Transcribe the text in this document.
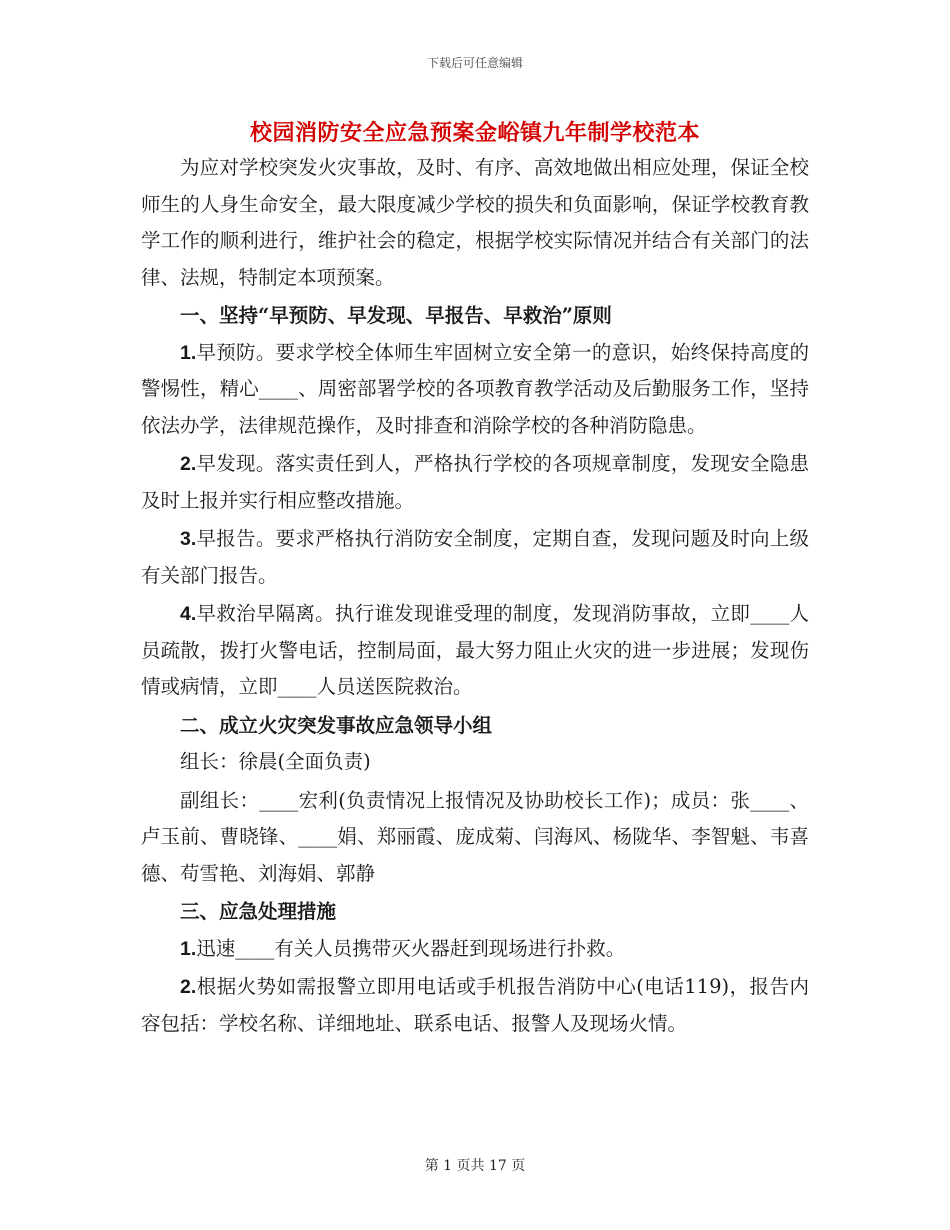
下载后可任意编辑
校园消防安全应急预案金峪镇九年制学校范本

为应对学校突发火灾事故，及时、有序、高效地做出相应处理，保证全校师生的人身生命安全，最大限度减少学校的损失和负面影响，保证学校教育教学工作的顺利进行，维护社会的稳定，根据学校实际情况并结合有关部门的法律、法规，特制定本项预案。

一、坚持“早预防、早发现、早报告、早救治”原则

1.早预防。要求学校全体师生牢固树立安全第一的意识，始终保持高度的警惕性，精心____、周密部署学校的各项教育教学活动及后勤服务工作，坚持依法办学，法律规范操作，及时排查和消除学校的各种消防隐患。

2.早发现。落实责任到人，严格执行学校的各项规章制度，发现安全隐患及时上报并实行相应整改措施。

3.早报告。要求严格执行消防安全制度，定期自查，发现问题及时向上级有关部门报告。

4.早救治早隔离。执行谁发现谁受理的制度，发现消防事故，立即____人员疏散，拨打火警电话，控制局面，最大努力阻止火灾的进一步进展；发现伤情或病情，立即____人员送医院救治。

二、成立火灾突发事故应急领导小组

组长：徐晨(全面负责)

副组长：____宏利(负责情况上报情况及协助校长工作)；成员：张____、卢玉前、曹晓锋、____娟、郑丽霞、庞成菊、闫海风、杨陇华、李智魁、韦喜德、苟雪艳、刘海娟、郭静

三、应急处理措施

1.迅速____有关人员携带灭火器赶到现场进行扑救。

2.根据火势如需报警立即用电话或手机报告消防中心(电话119)，报告内容包括：学校名称、详细地址、联系电话、报警人及现场火情。

第 1 页共 17 页
